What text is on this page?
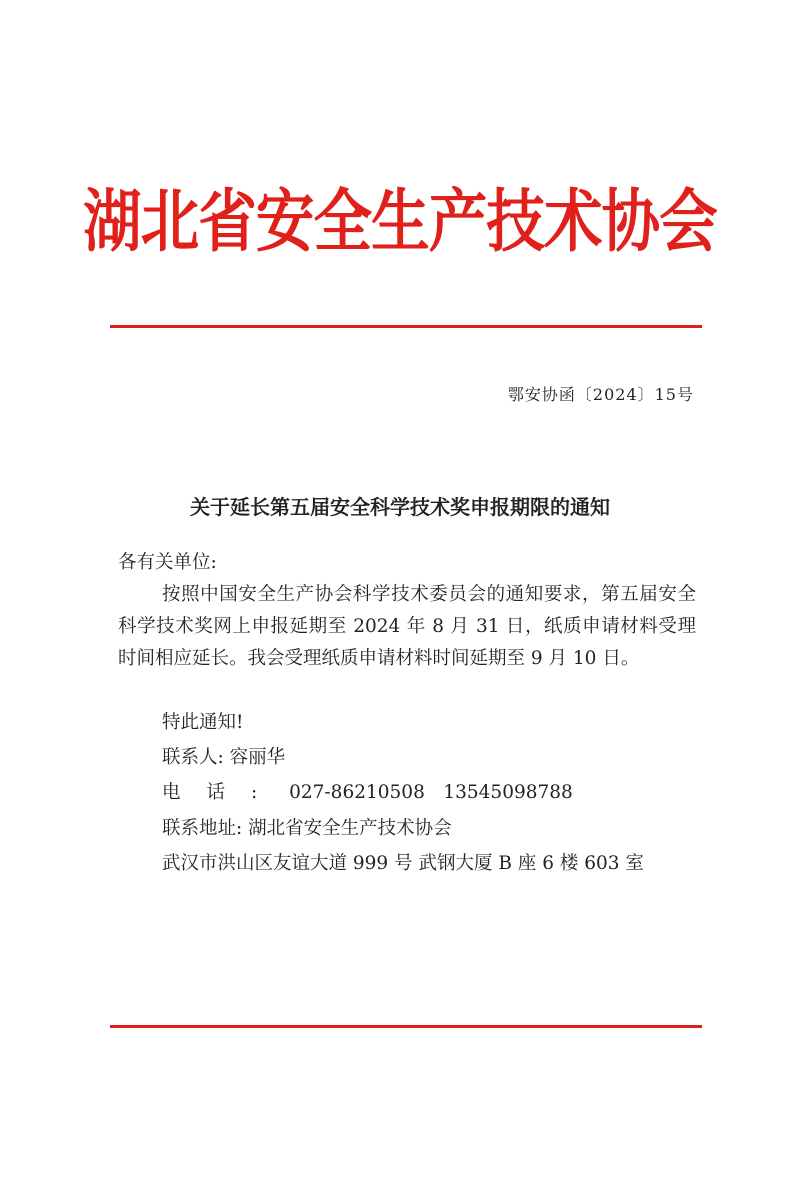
湖北省安全生产技术协会
鄂安协函〔2024〕15号
关于延长第五届安全科学技术奖申报期限的通知
各有关单位:
按照中国安全生产协会科学技术委员会的通知要求，第五届安全科学技术奖网上申报延期至 2024 年 8 月 31 日，纸质申请材料受理时间相应延长。我会受理纸质申请材料时间延期至 9 月 10 日。
特此通知!
联系人: 容丽华
电话: 027-86210508　13545098788
联系地址: 湖北省安全生产技术协会
武汉市洪山区友谊大道 999 号 武钢大厦 B 座 6 楼 603 室
